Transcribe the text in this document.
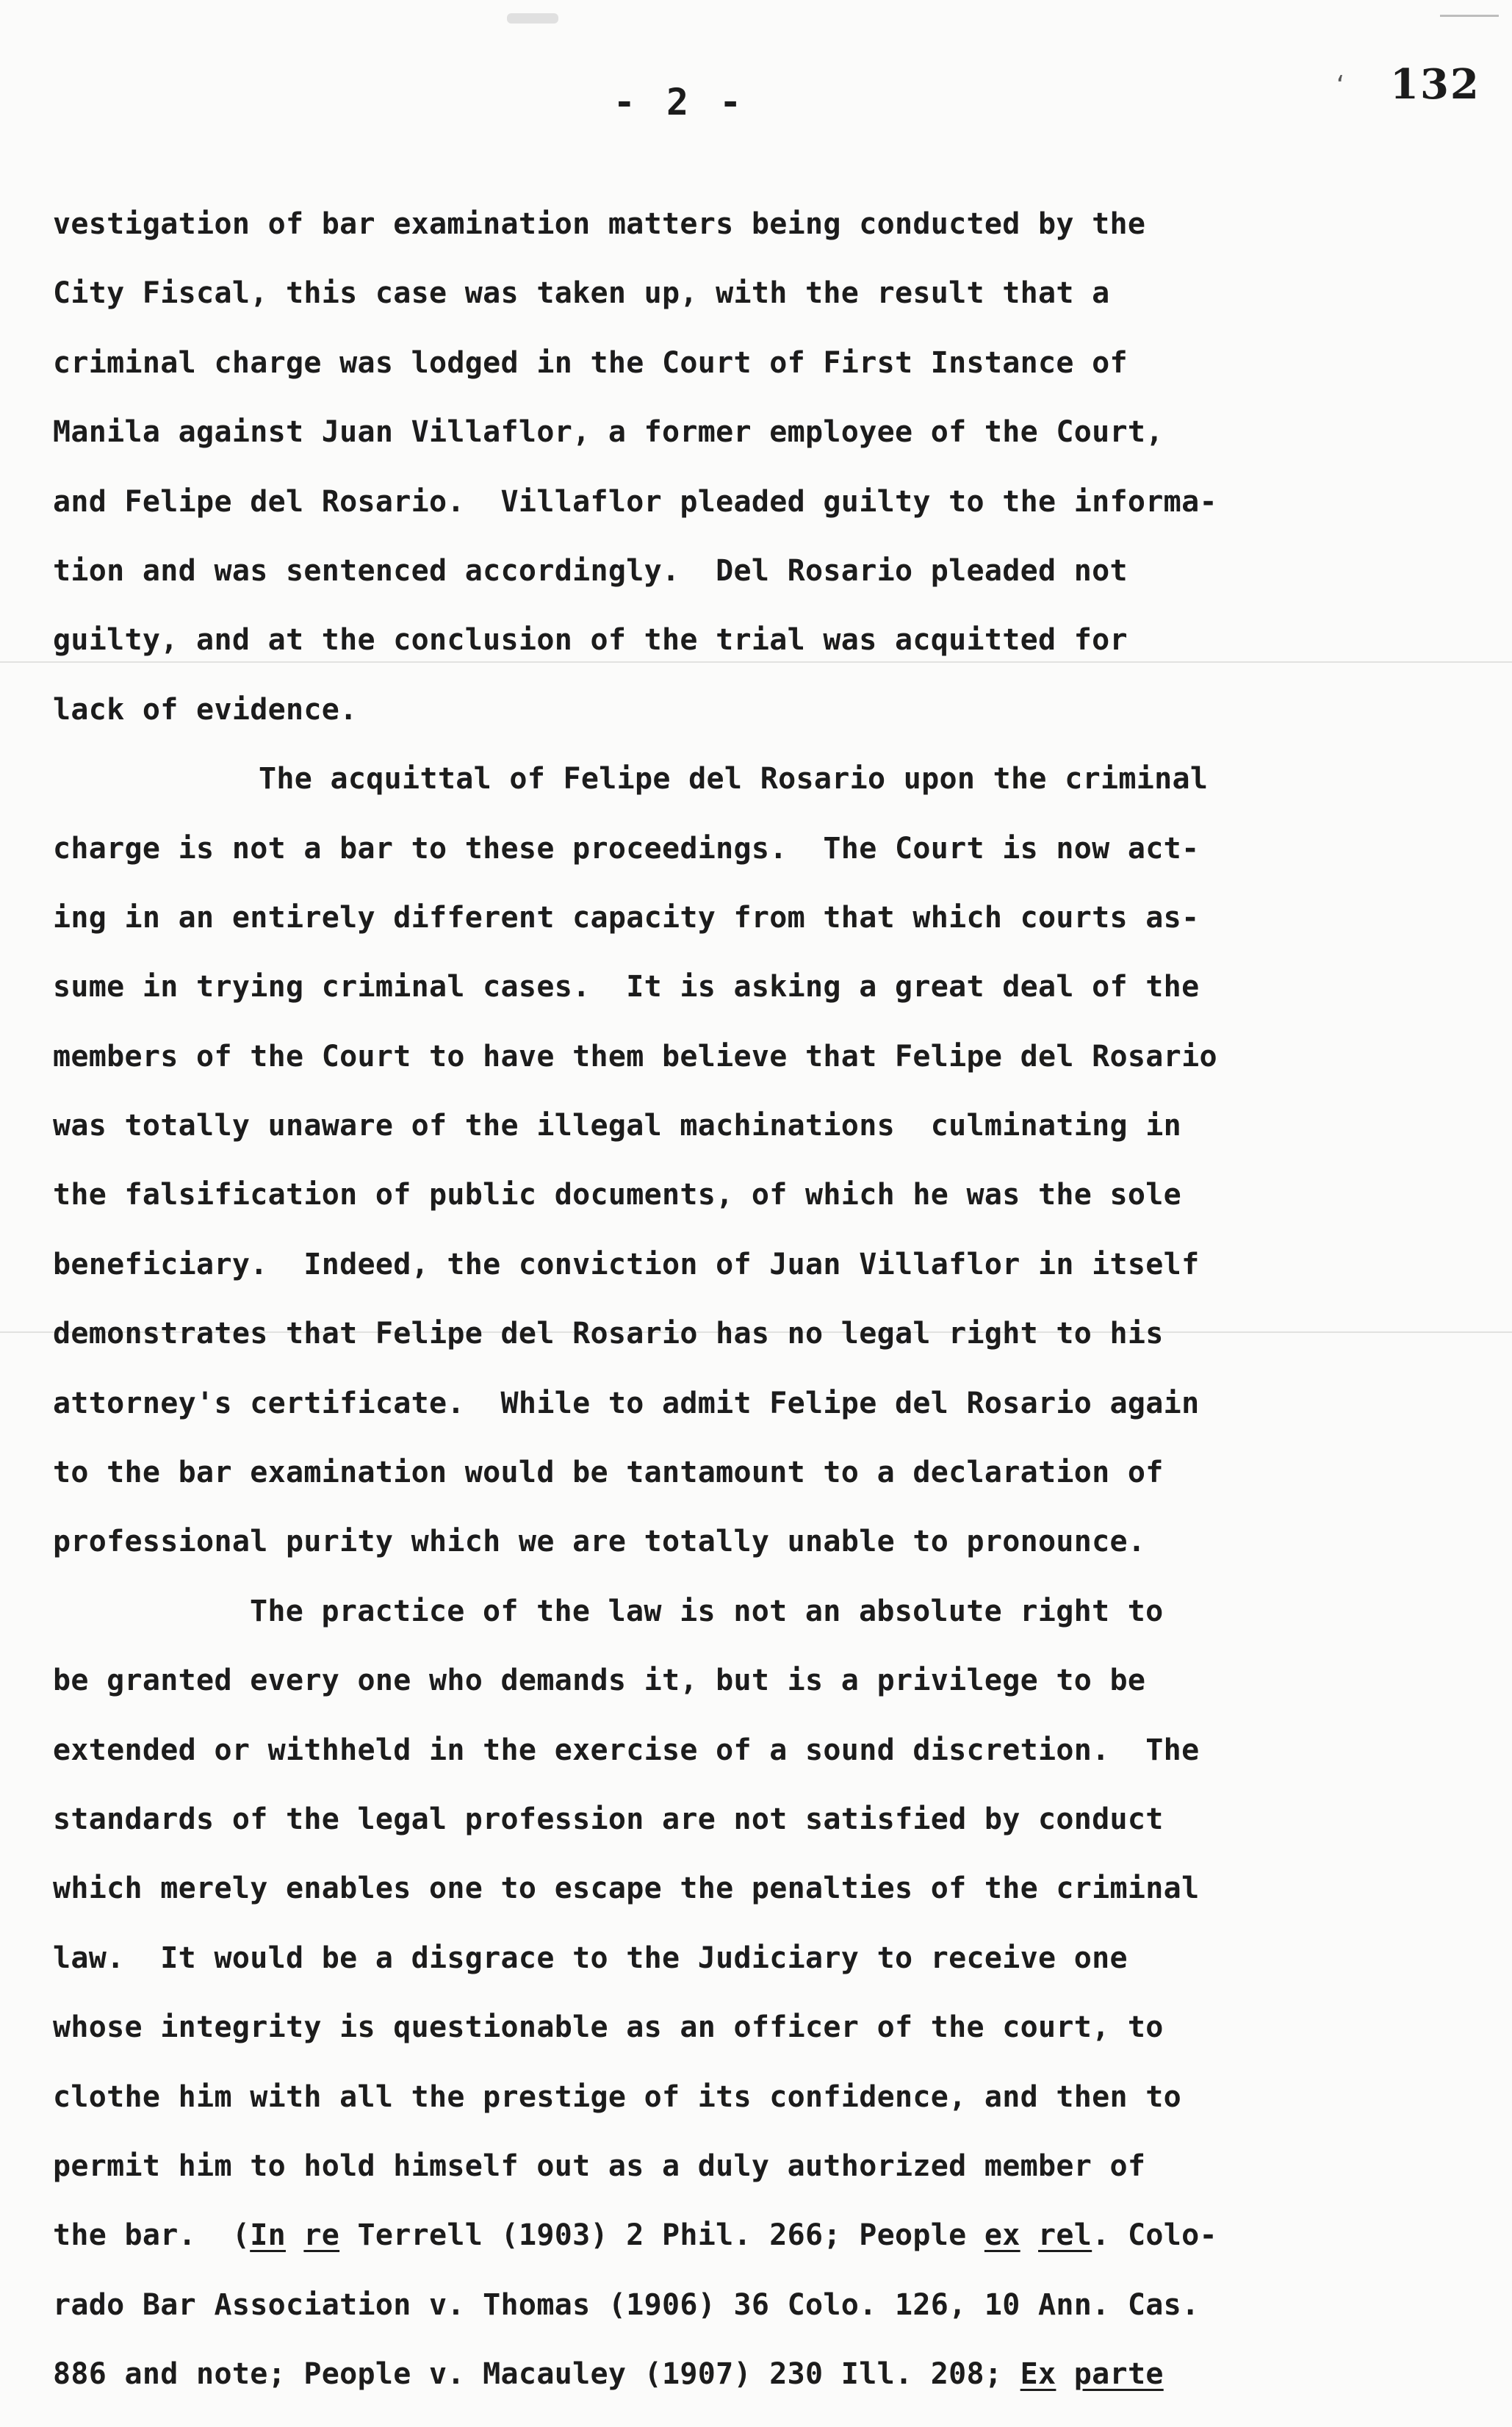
- 2 -	‘ 132
vestigation of bar examination matters being conducted by the
City Fiscal, this case was taken up, with the result that a
criminal charge was lodged in the Court of First Instance of
Manila against Juan Villaflor, a former employee of the Court,
and Felipe del Rosario.  Villaflor pleaded guilty to the informa-
tion and was sentenced accordingly.  Del Rosario pleaded not
guilty, and at the conclusion of the trial was acquitted for
lack of evidence.
The acquittal of Felipe del Rosario upon the criminal
charge is not a bar to these proceedings.  The Court is now act-
ing in an entirely different capacity from that which courts as-
sume in trying criminal cases.  It is asking a great deal of the
members of the Court to have them believe that Felipe del Rosario
was totally unaware of the illegal machinations  culminating in
the falsification of public documents, of which he was the sole
beneficiary.  Indeed, the conviction of Juan Villaflor in itself
demonstrates that Felipe del Rosario has no legal right to his
attorney's certificate.  While to admit Felipe del Rosario again
to the bar examination would be tantamount to a declaration of
professional purity which we are totally unable to pronounce.
The practice of the law is not an absolute right to
be granted every one who demands it, but is a privilege to be
extended or withheld in the exercise of a sound discretion.  The
standards of the legal profession are not satisfied by conduct
which merely enables one to escape the penalties of the criminal
law.  It would be a disgrace to the Judiciary to receive one
whose integrity is questionable as an officer of the court, to
clothe him with all the prestige of its confidence, and then to
permit him to hold himself out as a duly authorized member of
the bar.  (In re Terrell (1903) 2 Phil. 266; People ex rel. Colo-
rado Bar Association v. Thomas (1906) 36 Colo. 126, 10 Ann. Cas.
886 and note; People v. Macauley (1907) 230 Ill. 208; Ex parte
